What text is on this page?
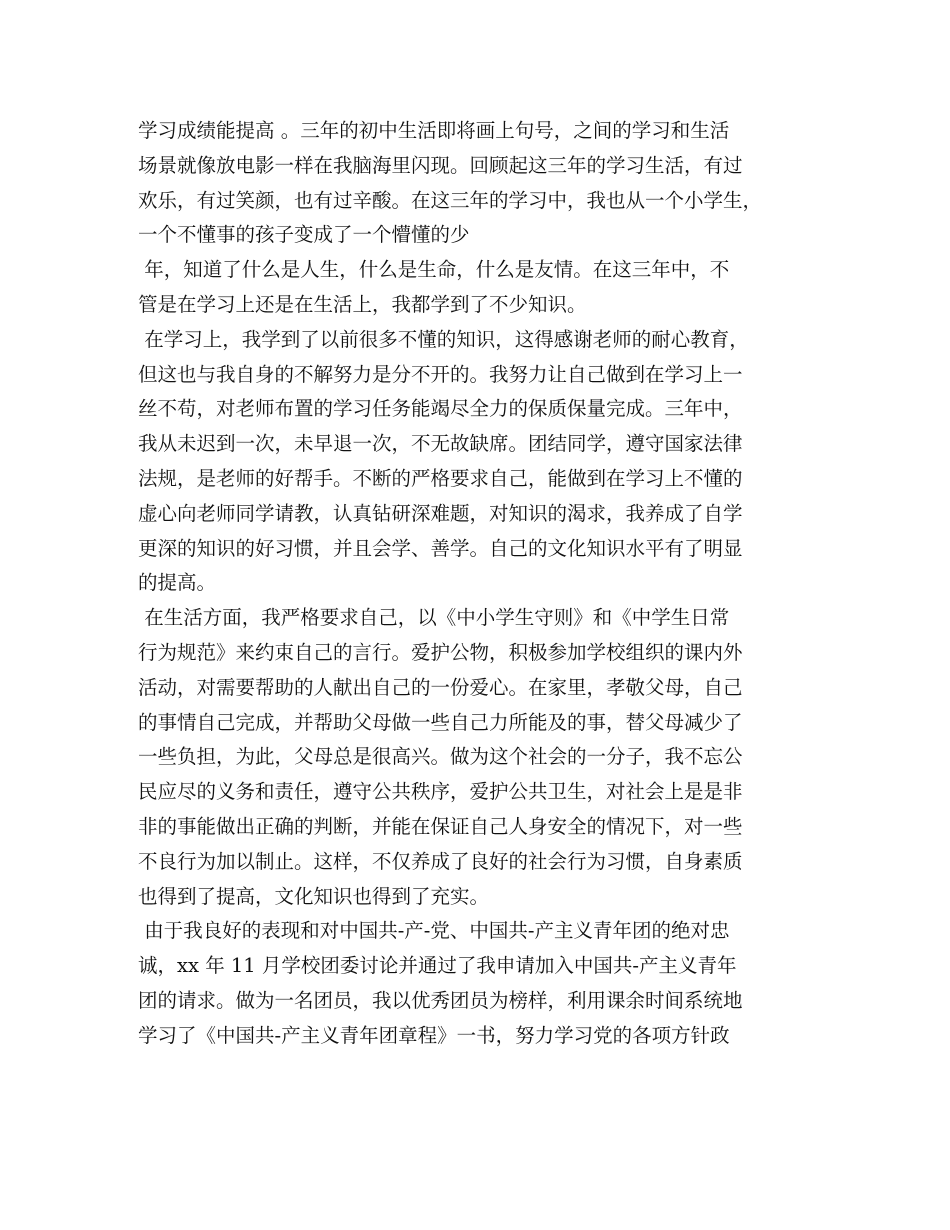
学习成绩能提高 。三年的初中生活即将画上句号，之间的学习和生活
场景就像放电影一样在我脑海里闪现。回顾起这三年的学习生活，有过
欢乐，有过笑颜，也有过辛酸。在这三年的学习中，我也从一个小学生，
一个不懂事的孩子变成了一个懵懂的少
年，知道了什么是人生，什么是生命，什么是友情。在这三年中，不
管是在学习上还是在生活上，我都学到了不少知识。
在学习上，我学到了以前很多不懂的知识，这得感谢老师的耐心教育，
但这也与我自身的不解努力是分不开的。我努力让自己做到在学习上一
丝不苟，对老师布置的学习任务能竭尽全力的保质保量完成。三年中，
我从未迟到一次，未早退一次，不无故缺席。团结同学，遵守国家法律
法规，是老师的好帮手。不断的严格要求自己，能做到在学习上不懂的
虚心向老师同学请教，认真钻研深难题，对知识的渴求，我养成了自学
更深的知识的好习惯，并且会学、善学。自己的文化知识水平有了明显
的提高。
在生活方面，我严格要求自己，以《中小学生守则》和《中学生日常
行为规范》来约束自己的言行。爱护公物，积极参加学校组织的课内外
活动，对需要帮助的人献出自己的一份爱心。在家里，孝敬父母，自己
的事情自己完成，并帮助父母做一些自己力所能及的事，替父母减少了
一些负担，为此，父母总是很高兴。做为这个社会的一分子，我不忘公
民应尽的义务和责任，遵守公共秩序，爱护公共卫生，对社会上是是非
非的事能做出正确的判断，并能在保证自己人身安全的情况下，对一些
不良行为加以制止。这样，不仅养成了良好的社会行为习惯，自身素质
也得到了提高，文化知识也得到了充实。
由于我良好的表现和对中国共-产-党、中国共-产主义青年团的绝对忠
诚，xx 年 11 月学校团委讨论并通过了我申请加入中国共-产主义青年
团的请求。做为一名团员，我以优秀团员为榜样，利用课余时间系统地
学习了《中国共-产主义青年团章程》一书，努力学习党的各项方针政
